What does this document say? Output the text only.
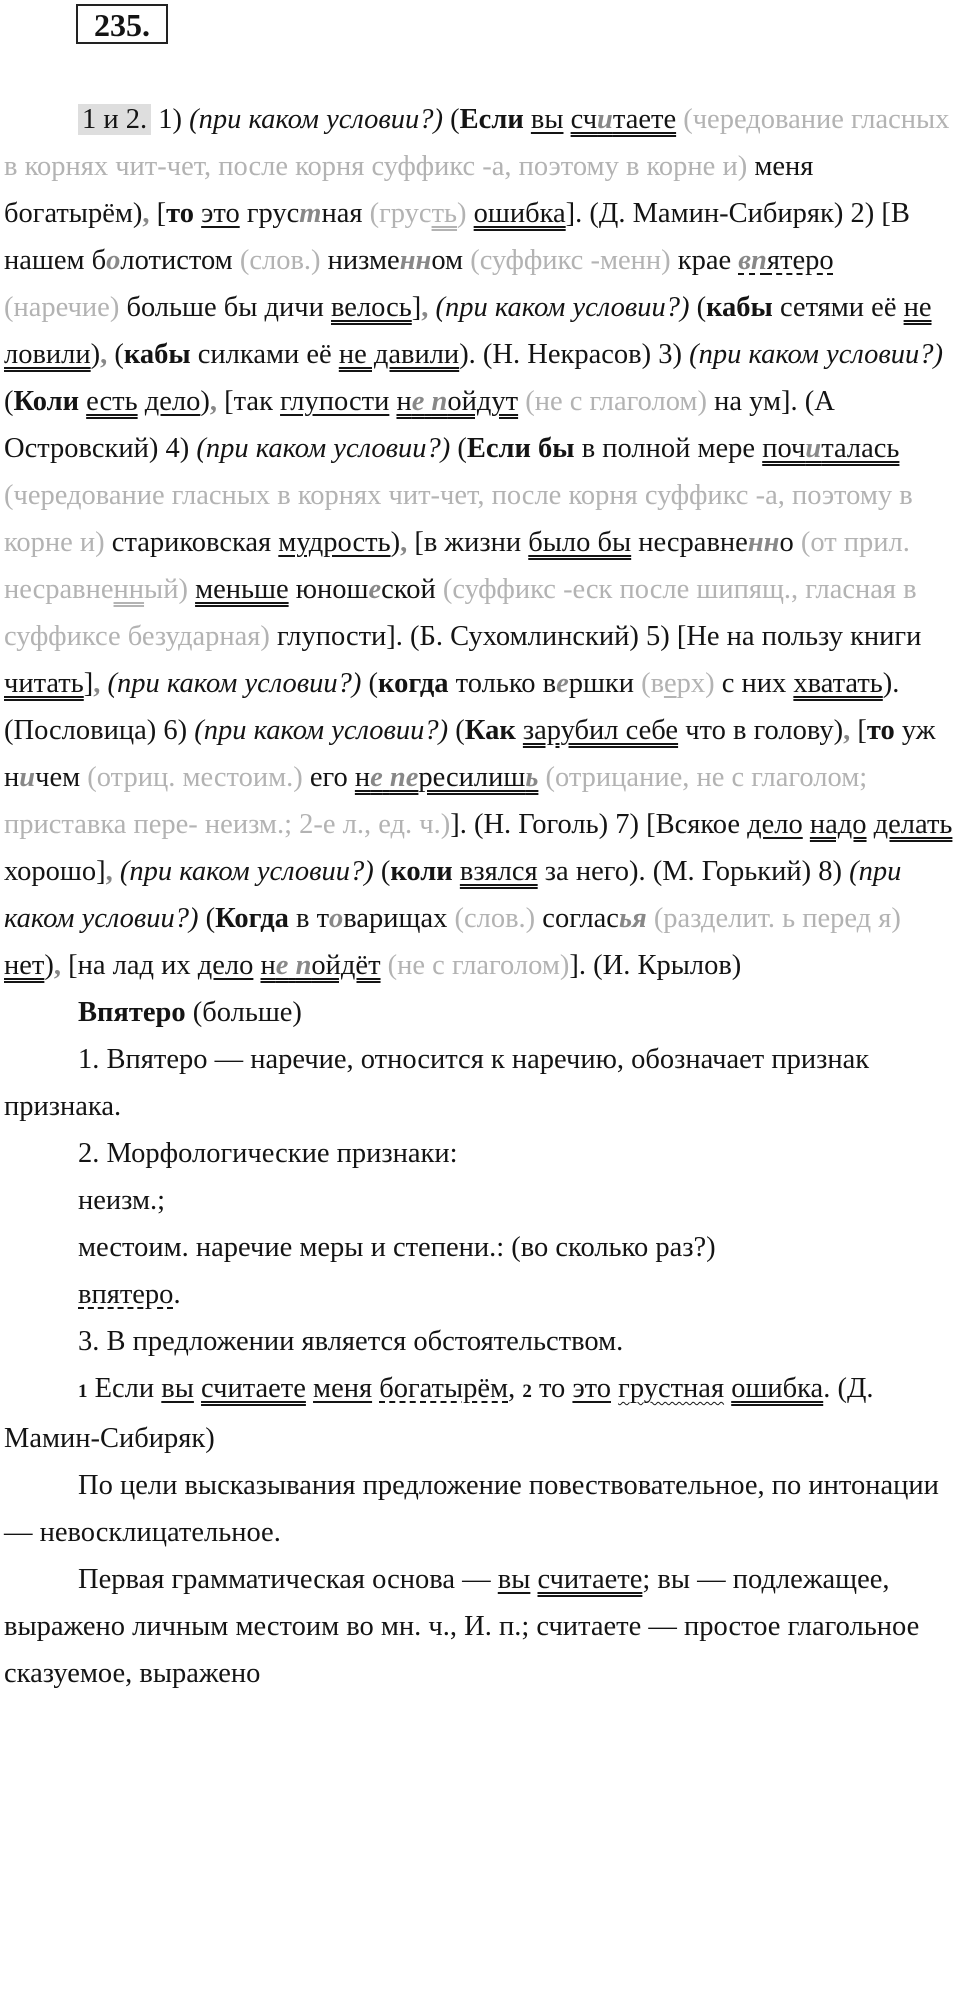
235.

1 и 2. 1) (при каком условии?) (Если вы считаете (чередование гласных в корнях чит-чет, после корня суффикс -а, поэтому в корне и) меня богатырём), [то это грустная (грусть) ошибка]. (Д. Мамин-Сибиряк) 2) [В нашем болотистом (слов.) низменном (суффикс -менн) крае впятеро (наречие) больше бы дичи велось], (при каком условии?) (кабы сетями её не ловили), (кабы силками её не давили). (Н. Некрасов) 3) (при каком условии?) (Коли есть дело), [так глупости не пойдут (не с глаголом) на ум]. (А Островский) 4) (при каком условии?) (Если бы в полной мере почиталась (чередование гласных в корнях чит-чет, после корня суффикс -а, поэтому в корне и) стариковская мудрость), [в жизни было бы несравненно (от прил. несравненный) меньше юношеской (суффикс -еск после шипящ., гласная в суффиксе безударная) глупости]. (Б. Сухомлинский) 5) [Не на пользу книги читать], (при каком условии?) (когда только вершки (верх) с них хватать). (Пословица) 6) (при каком условии?) (Как зарубил себе что в голову), [то уж ничем (отриц. местоим.) его не пересилишь (отрицание, не с глаголом; приставка пере- неизм.; 2-е л., ед. ч.)]. (Н. Гоголь) 7) [Всякое дело надо делать хорошо], (при каком условии?) (коли взялся за него). (М. Горький) 8) (при каком условии?) (Когда в товарищах (слов.) согласья (разделит. ь перед я) нет), [на лад их дело не пойдёт (не с глаголом)]. (И. Крылов)

Впятеро (больше)

1. Впятеро — наречие, относится к наречию, обозначает признак признака.

2. Морфологические признаки:

неизм.;

местоим. наречие меры и степени.: (во сколько раз?)

впятеро.

3. В предложении является обстоятельством.

1 Если вы считаете меня богатырём, 2 то это грустная ошибка. (Д. Мамин-Сибиряк)

По цели высказывания предложение повествовательное, по интонации — невосклицательное.

Первая грамматическая основа — вы считаете; вы — подлежащее, выражено личным местоим во мн. ч., И. п.; считаете — простое глагольное сказуемое, выражено
